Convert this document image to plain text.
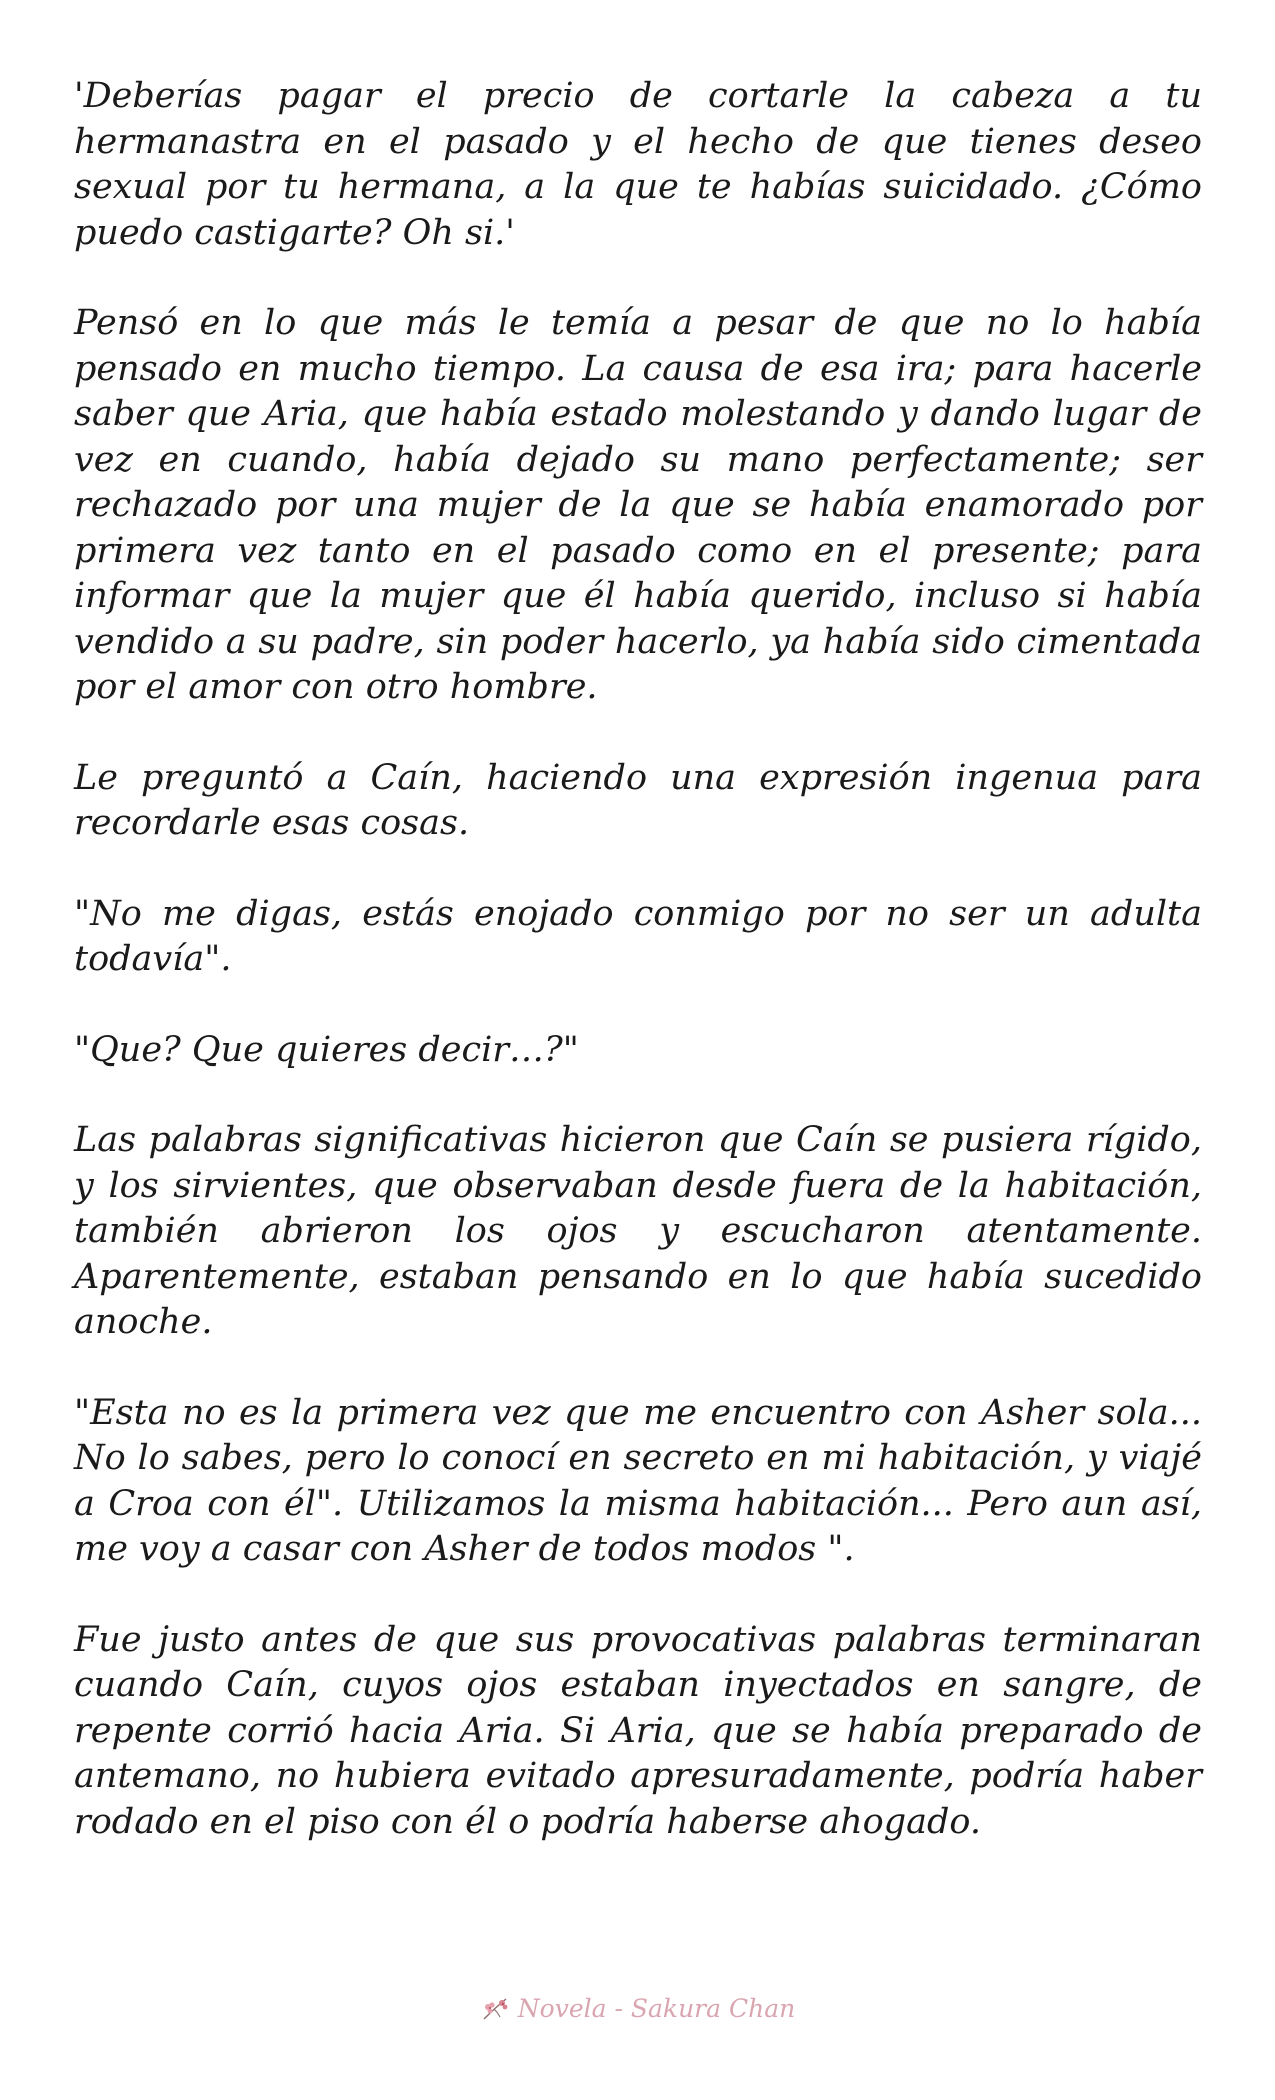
'Deberías pagar el precio de cortarle la cabeza a tu hermanastra en el pasado y el hecho de que tienes deseo sexual por tu hermana, a la que te habías suicidado. ¿Cómo puedo castigarte? Oh si.'

Pensó en lo que más le temía a pesar de que no lo había pensado en mucho tiempo. La causa de esa ira; para hacerle saber que Aria, que había estado molestando y dando lugar de vez en cuando, había dejado su mano perfectamente; ser rechazado por una mujer de la que se había enamorado por primera vez tanto en el pasado como en el presente; para informar que la mujer que él había querido, incluso si había vendido a su padre, sin poder hacerlo, ya había sido cimentada por el amor con otro hombre.

Le preguntó a Caín, haciendo una expresión ingenua para recordarle esas cosas.

"No me digas, estás enojado conmigo por no ser un adulta todavía".

"Que? Que quieres decir…?"

Las palabras significativas hicieron que Caín se pusiera rígido, y los sirvientes, que observaban desde fuera de la habitación, también abrieron los ojos y escucharon atentamente. Aparentemente, estaban pensando en lo que había sucedido anoche.

"Esta no es la primera vez que me encuentro con Asher sola... No lo sabes, pero lo conocí en secreto en mi habitación, y viajé a Croa con él". Utilizamos la misma habitación... Pero aun así, me voy a casar con Asher de todos modos ".

Fue justo antes de que sus provocativas palabras terminaran cuando Caín, cuyos ojos estaban inyectados en sangre, de repente corrió hacia Aria. Si Aria, que se había preparado de antemano, no hubiera evitado apresuradamente, podría haber rodado en el piso con él o podría haberse ahogado.

Novela - Sakura Chan
